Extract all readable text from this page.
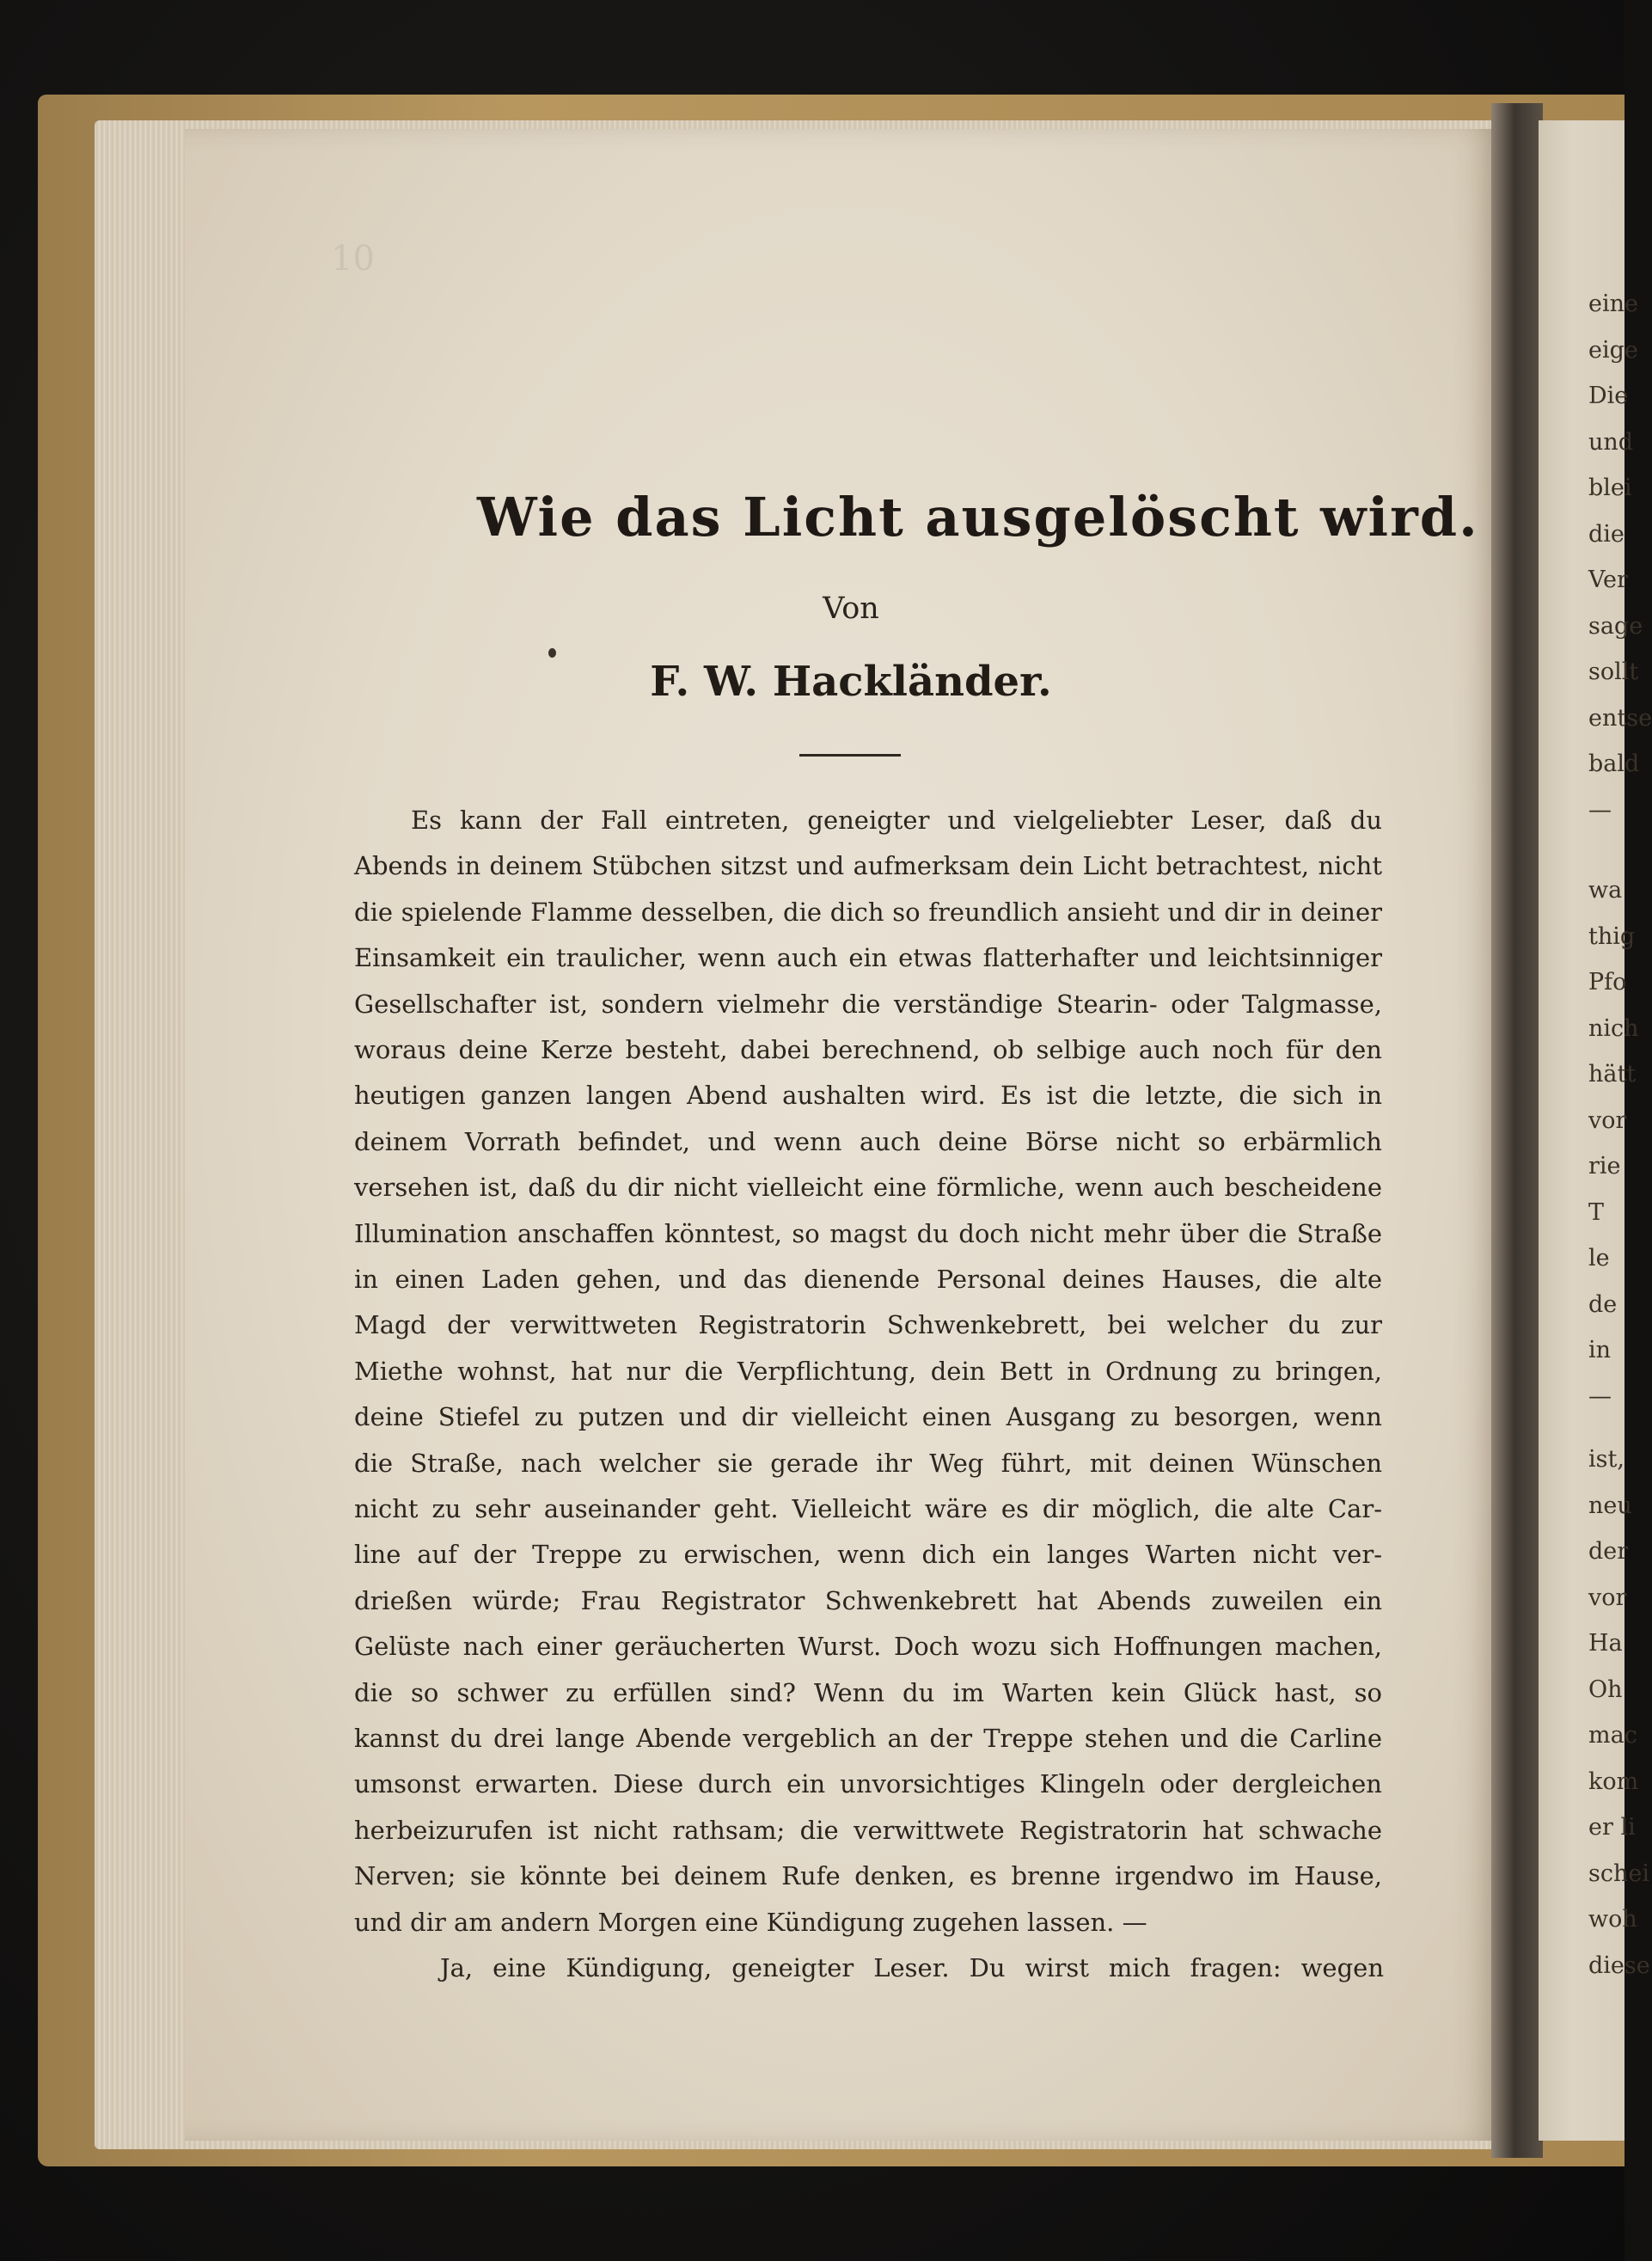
10
Wie das Licht ausgelöscht wird.
Von
F. W. Hackländer.
Es kann der Fall eintreten, geneigter und vielgeliebter Leser, daß du
Abends in deinem Stübchen sitzst und aufmerksam dein Licht betrachtest, nicht
die spielende Flamme desselben, die dich so freundlich ansieht und dir in deiner
Einsamkeit ein traulicher, wenn auch ein etwas flatterhafter und leichtsinniger
Gesellschafter ist, sondern vielmehr die verständige Stearin- oder Talgmasse,
woraus deine Kerze besteht, dabei berechnend, ob selbige auch noch für den
heutigen ganzen langen Abend aushalten wird. Es ist die letzte, die sich in
deinem Vorrath befindet, und wenn auch deine Börse nicht so erbärmlich
versehen ist, daß du dir nicht vielleicht eine förmliche, wenn auch bescheidene
Illumination anschaffen könntest, so magst du doch nicht mehr über die Straße
in einen Laden gehen, und das dienende Personal deines Hauses, die alte
Magd der verwittweten Registratorin Schwenkebrett, bei welcher du zur
Miethe wohnst, hat nur die Verpflichtung, dein Bett in Ordnung zu bringen,
deine Stiefel zu putzen und dir vielleicht einen Ausgang zu besorgen, wenn
die Straße, nach welcher sie gerade ihr Weg führt, mit deinen Wünschen
nicht zu sehr auseinander geht. Vielleicht wäre es dir möglich, die alte Car-
line auf der Treppe zu erwischen, wenn dich ein langes Warten nicht ver-
drießen würde; Frau Registrator Schwenkebrett hat Abends zuweilen ein
Gelüste nach einer geräucherten Wurst. Doch wozu sich Hoffnungen machen,
die so schwer zu erfüllen sind? Wenn du im Warten kein Glück hast, so
kannst du drei lange Abende vergeblich an der Treppe stehen und die Carline
umsonst erwarten. Diese durch ein unvorsichtiges Klingeln oder dergleichen
herbeizurufen ist nicht rathsam; die verwittwete Registratorin hat schwache
Nerven; sie könnte bei deinem Rufe denken, es brenne irgendwo im Hause,
und dir am andern Morgen eine Kündigung zugehen lassen. —
Ja, eine Kündigung, geneigter Leser. Du wirst mich fragen: wegen
eine
eige
Die
und
blei
die
Ver
sage
sollt
entse
bald
—
wa
thig
Pfo
nich
hätt
vor
rie
T
le
de
in
—
ist,
neu
der
vor
Ha
Oh
mac
kom
er li
schei
woh
diese
